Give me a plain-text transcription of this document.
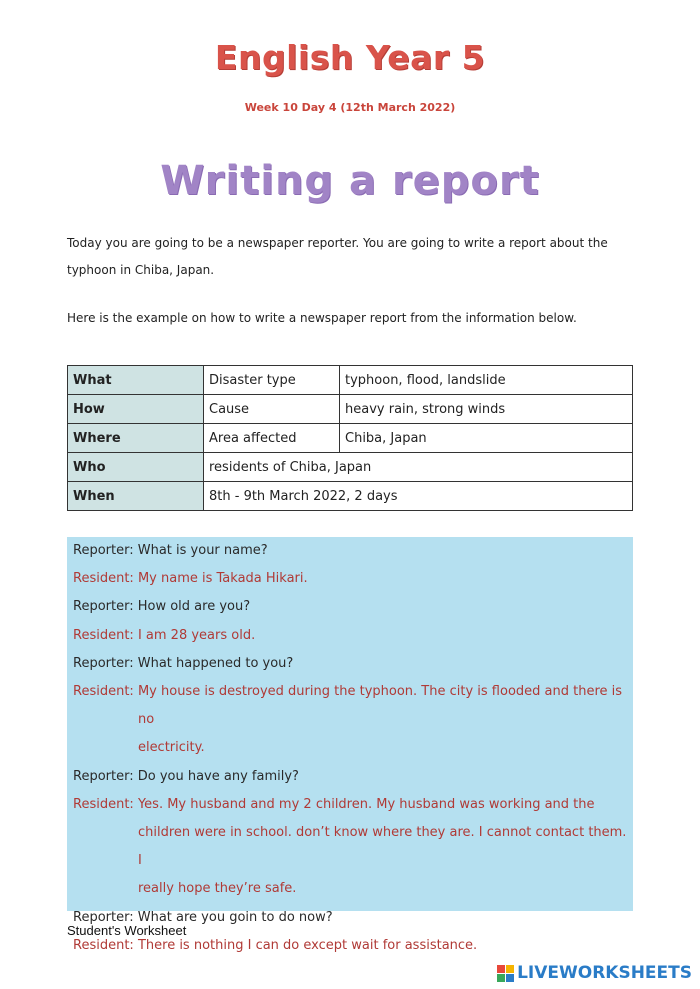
English Year 5
Week 10 Day 4 (12th March 2022)
Writing a report
Today you are going to be a newspaper reporter. You are going to write a report about the typhoon in Chiba, Japan.
Here is the example on how to write a newspaper report from the information below.
What	Disaster type	typhoon, flood, landslide
How	Cause	heavy rain, strong winds
Where	Area affected	Chiba, Japan
Who	residents of Chiba, Japan	
When	8th - 9th March 2022, 2 days	
Reporter:
What is your name?
Resident:
My name is Takada Hikari.
Reporter:
How old are you?
Resident:
I am 28 years old.
Reporter:
What happened to you?
Resident:
My house is destroyed during the typhoon. The city is flooded and there is no
electricity.
Reporter:
Do you have any family?
Resident:
Yes. My husband and my 2 children. My husband was working and the
children were in school. don’t know where they are. I cannot contact them. I
really hope they’re safe.
Reporter:
What are you goin to do now?
Resident:
There is nothing I can do except wait for assistance.
Student's Worksheet
LIVEWORKSHEETS
